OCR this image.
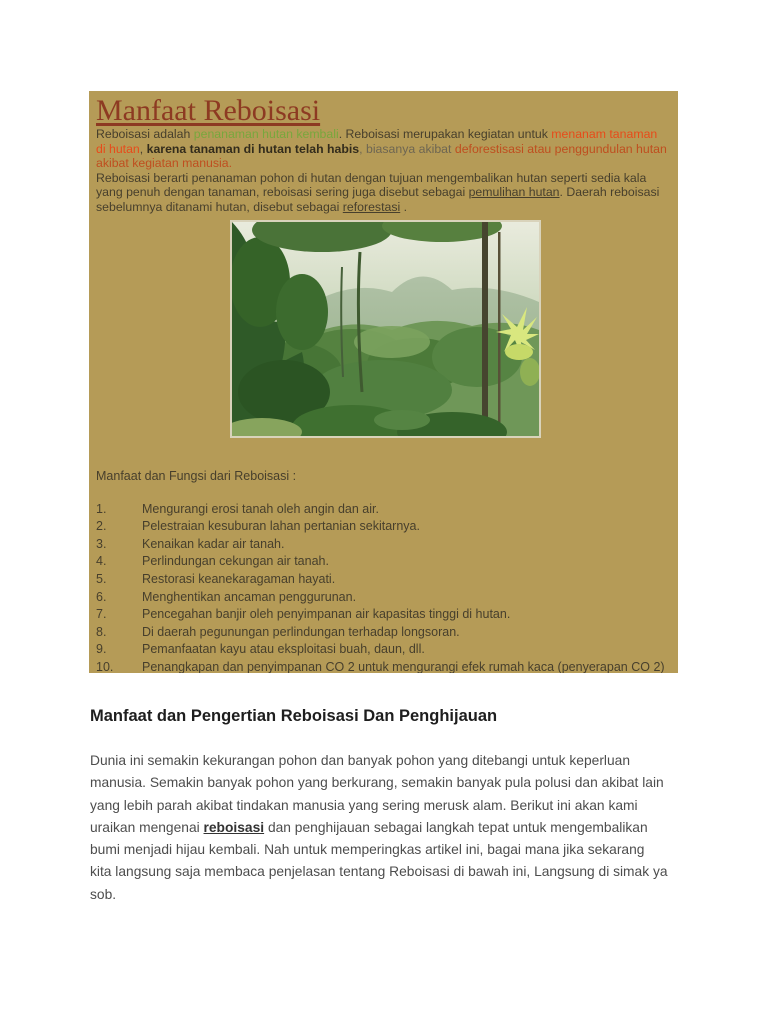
Manfaat Reboisasi

Reboisasi adalah penanaman hutan kembali. Reboisasi merupakan kegiatan untuk menanam tanaman di hutan, karena tanaman di hutan telah habis, biasanya akibat deforestisasi atau penggundulan hutan akibat kegiatan manusia.

Reboisasi berarti penanaman pohon di hutan dengan tujuan mengembalikan hutan seperti sedia kala yang penuh dengan tanaman, reboisasi sering juga disebut sebagai pemulihan hutan. Daerah reboisasi sebelumnya ditanami hutan, disebut sebagai reforestasi .

Manfaat dan Fungsi dari Reboisasi :
1.	Mengurangi erosi tanah oleh angin dan air.
2.	Pelestraian kesuburan lahan pertanian sekitarnya.
3.	Kenaikan kadar air tanah.
4.	Perlindungan cekungan air tanah.
5.	Restorasi keanekaragaman hayati.
6.	Menghentikan ancaman penggurunan.
7.	Pencegahan banjir oleh penyimpanan air kapasitas tinggi di hutan.
8.	Di daerah pegunungan perlindungan terhadap longsoran.
9.	Pemanfaatan kayu atau eksploitasi buah, daun, dll.
10.	Penangkapan dan penyimpanan CO 2 untuk mengurangi efek rumah kaca (penyerapan CO 2)
Manfaat dan Pengertian Reboisasi Dan Penghijauan

Dunia ini semakin kekurangan pohon dan banyak pohon yang ditebangi untuk keperluan manusia. Semakin banyak pohon yang berkurang, semakin banyak pula polusi dan akibat lain yang lebih parah akibat tindakan manusia yang sering merusk alam. Berikut ini akan kami uraikan mengenai reboisasi dan penghijauan sebagai langkah tepat untuk mengembalikan bumi menjadi hijau kembali. Nah untuk memperingkas artikel ini, bagai mana jika sekarang kita langsung saja membaca penjelasan tentang Reboisasi di bawah ini, Langsung di simak ya sob.
